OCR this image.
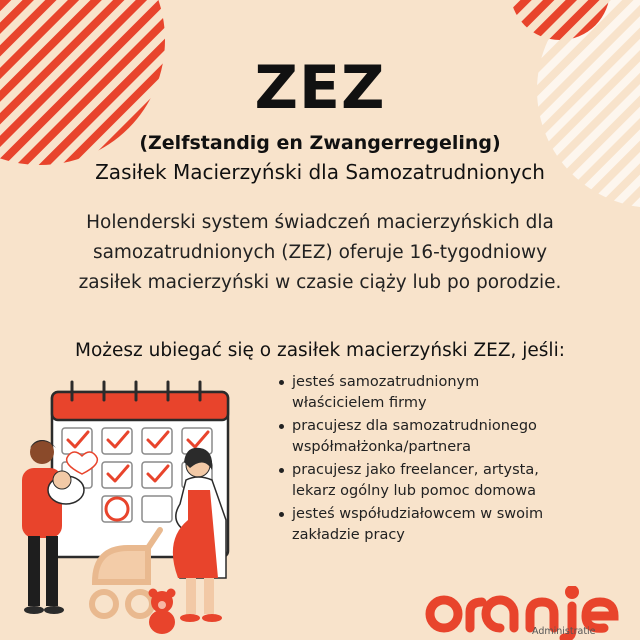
ZEZ
(Zelfstandig en Zwangerregeling)
Zasiłek Macierzyński dla Samozatrudnionych
Holenderski system świadczeń macierzyńskich dla
samozatrudnionych (ZEZ) oferuje 16-tygodniowy
zasiłek macierzyński w czasie ciąży lub po porodzie.
Możesz ubiegać się o zasiłek macierzyński ZEZ, jeśli:
jesteś samozatrudnionym
właścicielem firmy
pracujesz dla samozatrudnionego
współmałżonka/partnera
pracujesz jako freelancer, artysta,
lekarz ogólny lub pomoc domowa
jesteś współudziałowcem w swoim
zakładzie pracy
Administratie
